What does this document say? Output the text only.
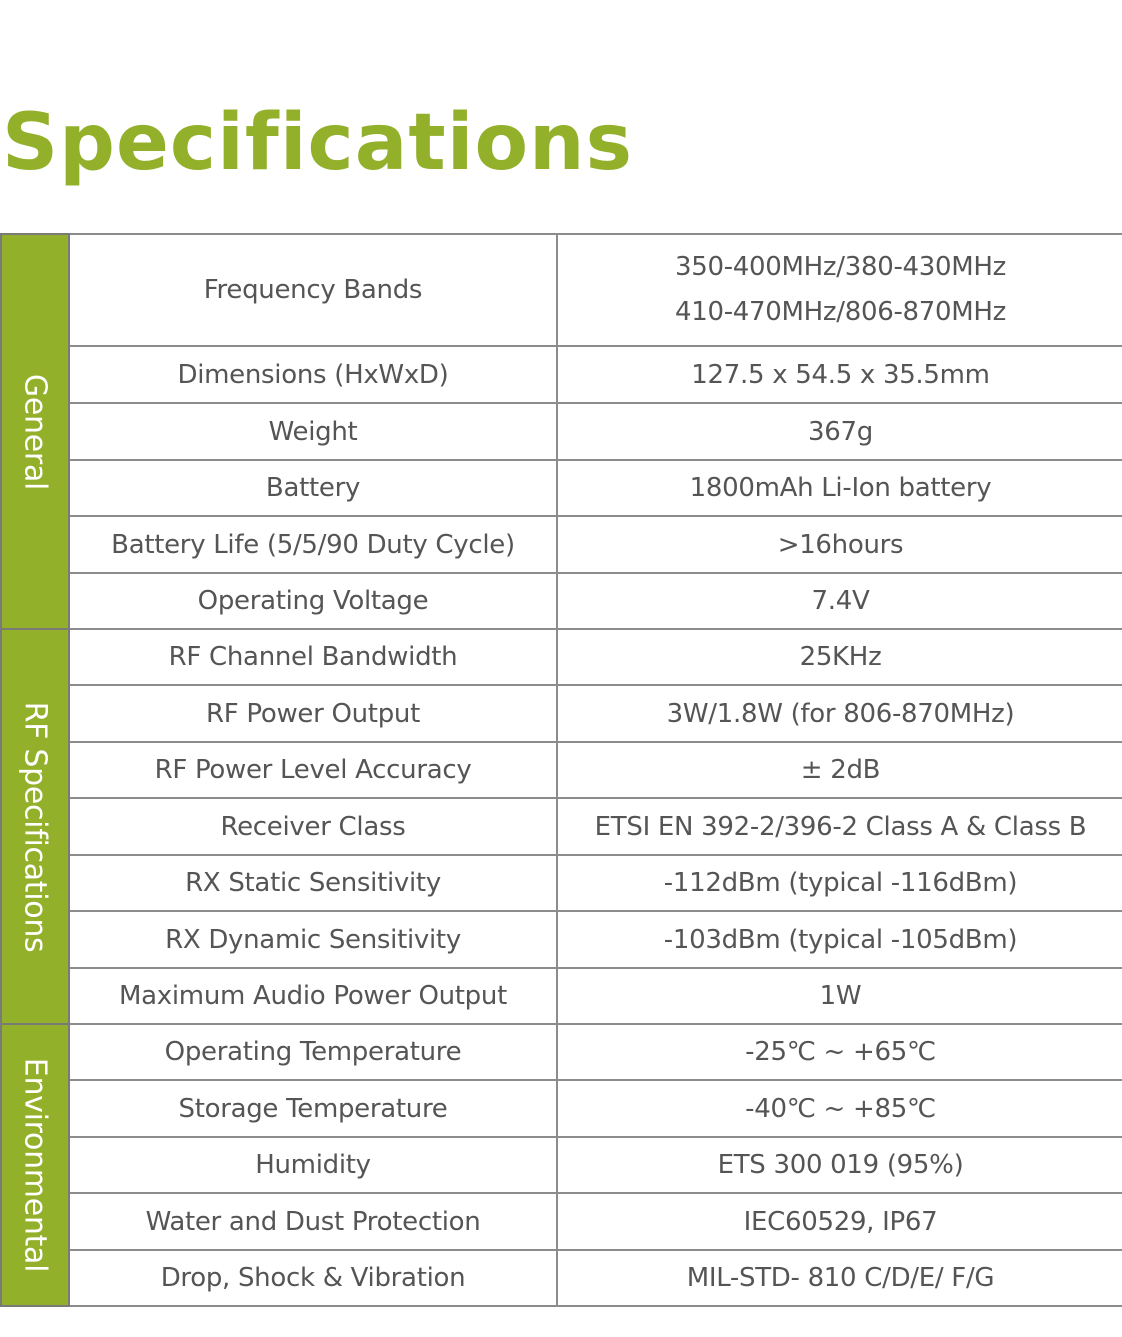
Specifications
General	Frequency Bands	350-400MHz/380-430MHz
410-470MHz/806-870MHz

	Dimensions (HxWxD)	127.5 x 54.5 x 35.5mm
	Weight	367g
	Battery	1800mAh Li-Ion battery
	Battery Life (5/5/90 Duty Cycle)	>16hours
	Operating Voltage	7.4V

RF Specifications	RF Channel Bandwidth	25KHz
	RF Power Output	3W/1.8W (for 806-870MHz)
	RF Power Level Accuracy	± 2dB
	Receiver Class	ETSI EN 392-2/396-2 Class A & Class B
	RX Static Sensitivity	-112dBm (typical -116dBm)
	RX Dynamic Sensitivity	-103dBm (typical -105dBm)
	Maximum Audio Power Output	1W

Environmental	Operating Temperature	-25℃ ~ +65℃
	Storage Temperature	-40℃ ~ +85℃
	Humidity	ETS 300 019 (95%)
	Water and Dust Protection	IEC60529, IP67
	Drop, Shock & Vibration	MIL-STD- 810 C/D/E/ F/G
